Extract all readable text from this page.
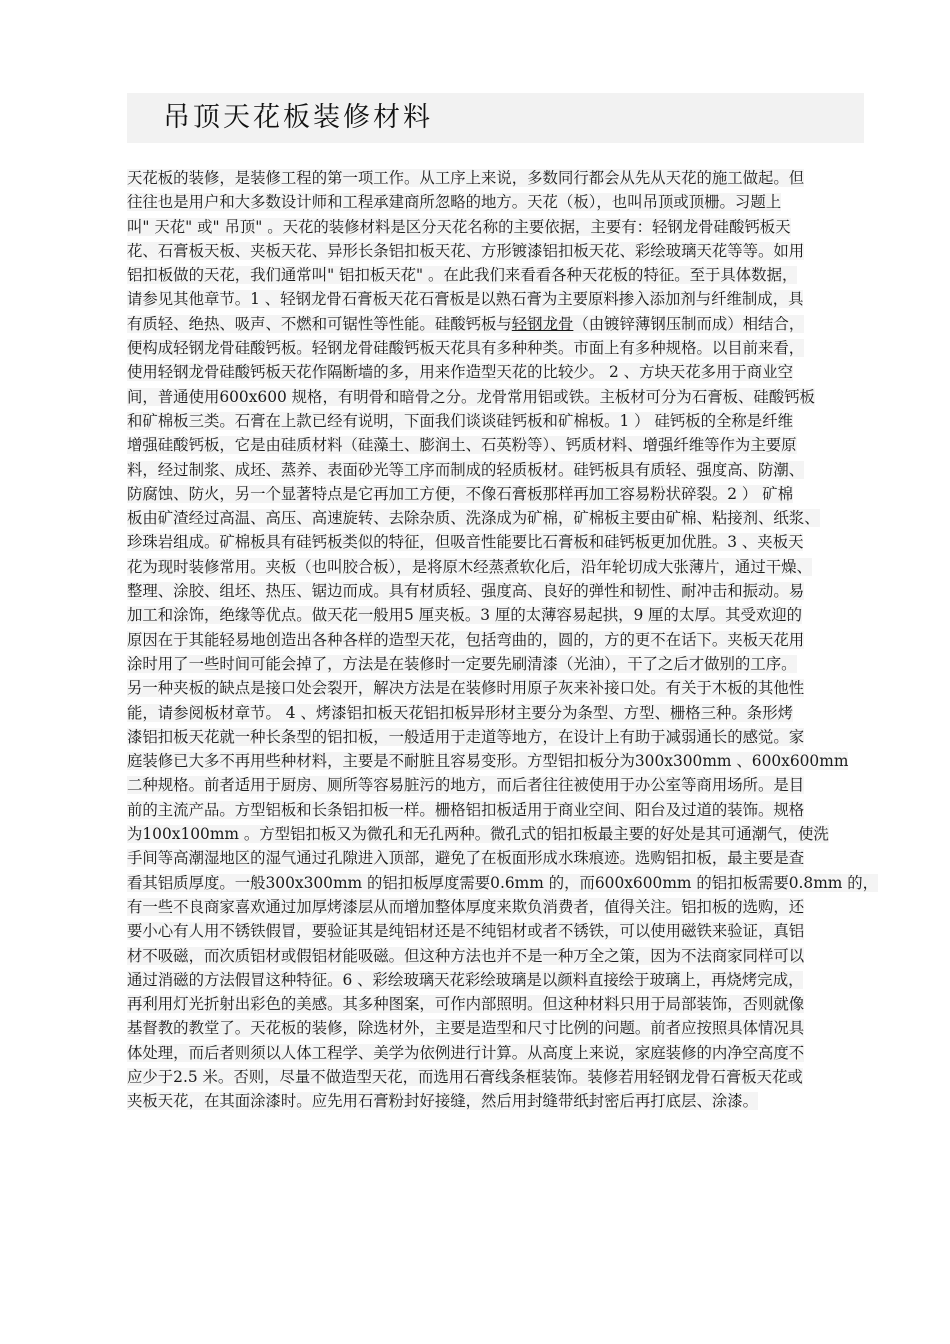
吊顶天花板装修材料
天花板的装修，是装修工程的第一项工作。从工序上来说，多数同行都会从先从天花的施工做起。但
往往也是用户和大多数设计师和工程承建商所忽略的地方。天花（板），也叫吊顶或顶栅。习题上
叫" 天花" 或" 吊顶" 。天花的装修材料是区分天花名称的主要依据，主要有：轻钢龙骨硅酸钙板天
花、石膏板天板、夹板天花、异形长条铝扣板天花、方形镀漆铝扣板天花、彩绘玻璃天花等等。如用
铝扣板做的天花，我们通常叫" 铝扣板天花" 。在此我们来看看各种天花板的特征。至于具体数据，
请参见其他章节。1 、轻钢龙骨石膏板天花石膏板是以熟石膏为主要原料掺入添加剂与纤维制成，具
有质轻、绝热、吸声、不燃和可锯性等性能。硅酸钙板与轻钢龙骨（由镀锌薄钢压制而成）相结合，
便构成轻钢龙骨硅酸钙板。轻钢龙骨硅酸钙板天花具有多种种类。市面上有多种规格。以目前来看，
使用轻钢龙骨硅酸钙板天花作隔断墙的多，用来作造型天花的比较少。 2 、方块天花多用于商业空
间，普通使用600x600 规格，有明骨和暗骨之分。龙骨常用铝或铁。主板材可分为石膏板、硅酸钙板
和矿棉板三类。石膏在上款已经有说明，下面我们谈谈硅钙板和矿棉板。1 ） 硅钙板的全称是纤维
增强硅酸钙板，它是由硅质材料（硅藻土、膨润土、石英粉等）、钙质材料、增强纤维等作为主要原
料，经过制浆、成坯、蒸养、表面砂光等工序而制成的轻质板材。硅钙板具有质轻、强度高、防潮、
防腐蚀、防火，另一个显著特点是它再加工方便，不像石膏板那样再加工容易粉状碎裂。2 ） 矿棉
板由矿渣经过高温、高压、高速旋转、去除杂质、洗涤成为矿棉，矿棉板主要由矿棉、粘接剂、纸浆、
珍珠岩组成。矿棉板具有硅钙板类似的特征，但吸音性能要比石膏板和硅钙板更加优胜。3 、夹板天
花为现时装修常用。夹板（也叫胶合板），是将原木经蒸煮软化后，沿年轮切成大张薄片，通过干燥、
整理、涂胶、组坯、热压、锯边而成。具有材质轻、强度高、良好的弹性和韧性、耐冲击和振动。易
加工和涂饰，绝缘等优点。做天花一般用5 厘夹板。3 厘的太薄容易起拱，9 厘的太厚。其受欢迎的
原因在于其能轻易地创造出各种各样的造型天花，包括弯曲的，圆的，方的更不在话下。夹板天花用
涂时用了一些时间可能会掉了，方法是在装修时一定要先刷清漆（光油），干了之后才做别的工序。
另一种夹板的缺点是接口处会裂开，解决方法是在装修时用原子灰来补接口处。有关于木板的其他性
能，请参阅板材章节。 4 、烤漆铝扣板天花铝扣板异形材主要分为条型、方型、栅格三种。条形烤
漆铝扣板天花就一种长条型的铝扣板，一般适用于走道等地方，在设计上有助于减弱通长的感觉。家
庭装修已大多不再用些种材料，主要是不耐脏且容易变形。方型铝扣板分为300x300mm 、600x600mm
二种规格。前者适用于厨房、厕所等容易脏污的地方，而后者往往被使用于办公室等商用场所。是目
前的主流产品。方型铝板和长条铝扣板一样。栅格铝扣板适用于商业空间、阳台及过道的装饰。规格
为100x100mm 。方型铝扣板又为微孔和无孔两种。微孔式的铝扣板最主要的好处是其可通潮气，使洗
手间等高潮湿地区的湿气通过孔隙进入顶部，避免了在板面形成水珠痕迹。选购铝扣板，最主要是查
看其铝质厚度。一般300x300mm 的铝扣板厚度需要0.6mm 的，而600x600mm 的铝扣板需要0.8mm 的，
有一些不良商家喜欢通过加厚烤漆层从而增加整体厚度来欺负消费者，值得关注。铝扣板的选购，还
要小心有人用不锈铁假冒，要验证其是纯铝材还是不纯铝材或者不锈铁，可以使用磁铁来验证，真铝
材不吸磁，而次质铝材或假铝材能吸磁。但这种方法也并不是一种万全之策，因为不法商家同样可以
通过消磁的方法假冒这种特征。6 、彩绘玻璃天花彩绘玻璃是以颜料直接绘于玻璃上，再烧烤完成，
再利用灯光折射出彩色的美感。其多种图案，可作内部照明。但这种材料只用于局部装饰，否则就像
基督教的教堂了。天花板的装修，除选材外，主要是造型和尺寸比例的问题。前者应按照具体情况具
体处理，而后者则须以人体工程学、美学为依例进行计算。从高度上来说，家庭装修的内净空高度不
应少于2.5 米。否则，尽量不做造型天花，而选用石膏线条框装饰。装修若用轻钢龙骨石膏板天花或
夹板天花，在其面涂漆时。应先用石膏粉封好接缝，然后用封缝带纸封密后再打底层、涂漆。
